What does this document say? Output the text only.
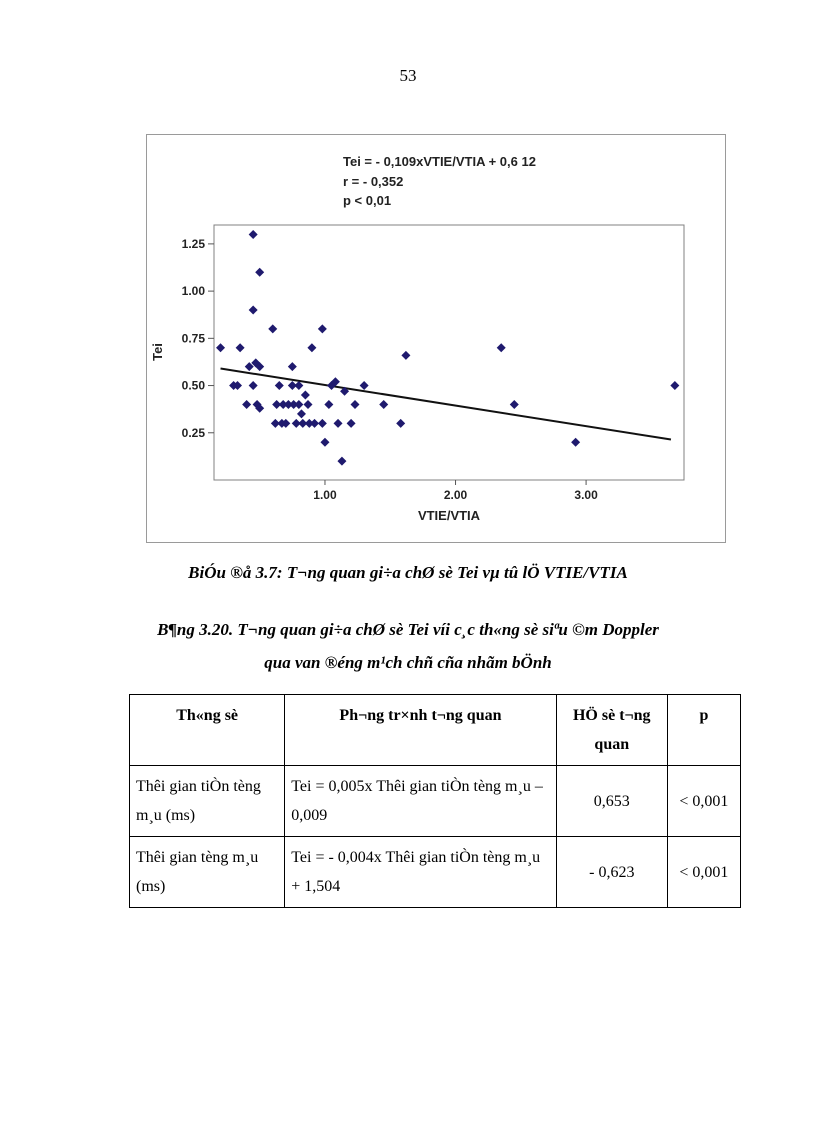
53
Tei = - 0,109xVTIE/VTIA + 0,6 12
r = - 0,352
p < 0,01
0.25
0.50
0.75
1.00
1.25
1.00	2.00	3.00
VTIE/VTIA
Tei
BiÓu ®å 3.7: T¬ng quan gi÷a chØ sè Tei vµ tû lÖ VTIE/VTIA
B¶ng 3.20. T¬ng quan gi÷a chØ sè Tei víi c¸c th«ng sè siªu ©m Doppler
qua van ®éng m¹ch chñ cña nhãm bÖnh
Th«ng sè	Ph¬ng tr×nh t¬ng quan	HÖ sè t¬ng quan	p
Thêi gian tiÒn tèng m¸u (ms)	Tei = 0,005x Thêi gian tiÒn tèng m¸u – 0,009	0,653	< 0,001
Thêi gian tèng m¸u (ms)	Tei = - 0,004x Thêi gian tiÒn tèng m¸u + 1,504	- 0,623	< 0,001
